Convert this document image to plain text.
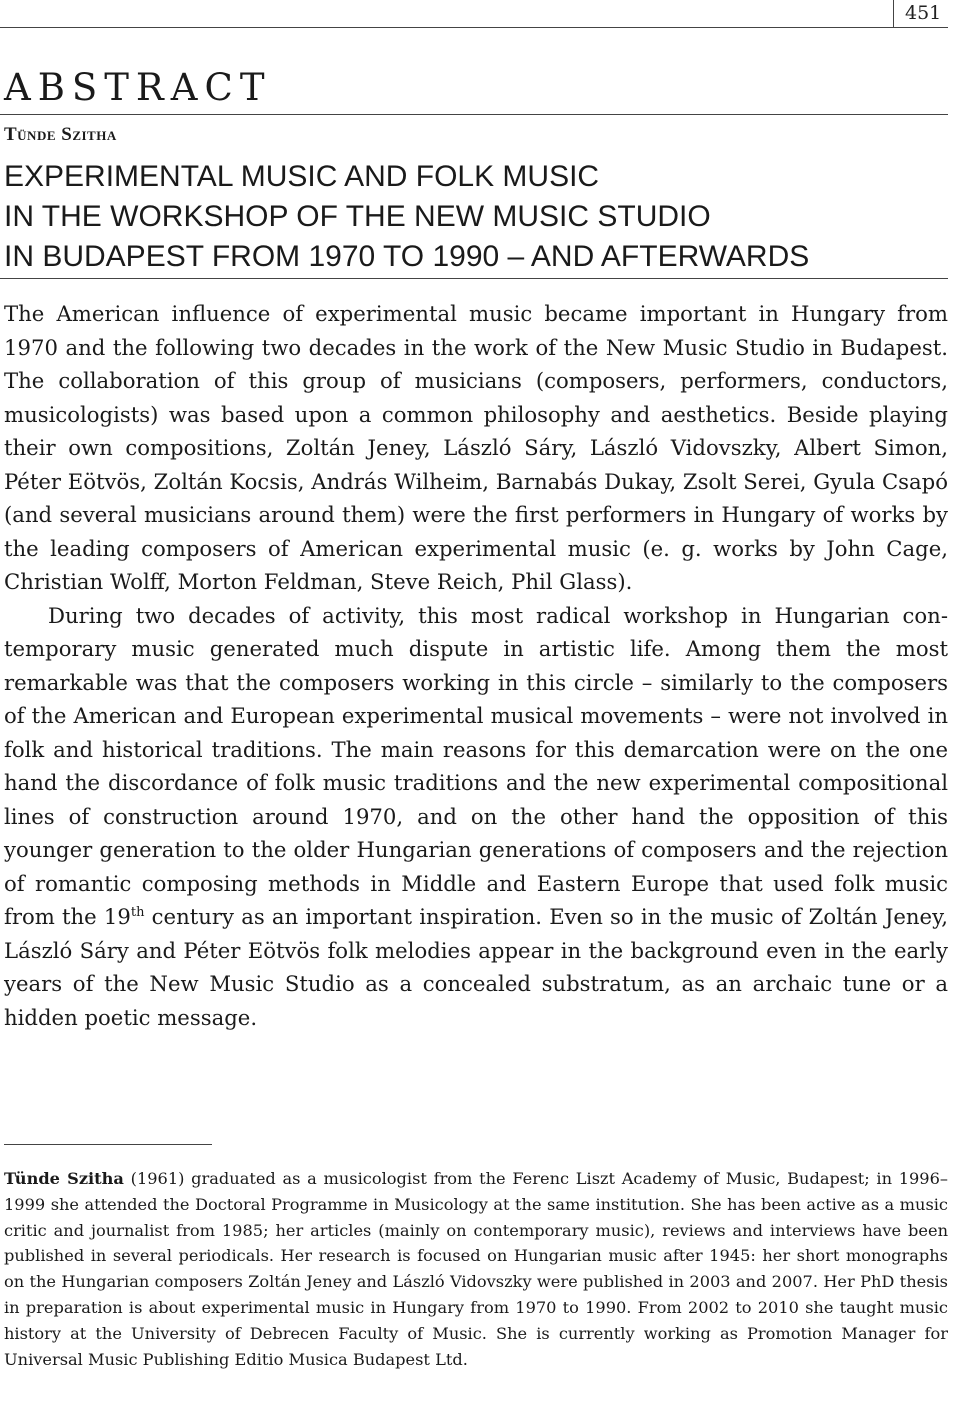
451
ABSTRACT
Tünde Szitha
EXPERIMENTAL MUSIC AND FOLK MUSIC
IN THE WORKSHOP OF THE NEW MUSIC STUDIO
IN BUDAPEST FROM 1970 TO 1990 – AND AFTERWARDS

The American influence of experimental music became important in Hungary from 1970 and the following two decades in the work of the New Music Studio in Budapest. The collaboration of this group of musicians (composers, performers, conductors, musicologists) was based upon a common philosophy and aesthetics. Beside playing their own compositions, Zoltán Jeney, László Sáry, László Vidovszky, Albert Simon, Péter Eötvös, Zoltán Kocsis, András Wilheim, Barnabás Dukay, Zsolt Serei, Gyula Csapó (and several musicians around them) were the first performers in Hungary of works by the leading composers of American experimental music (e. g. works by John Cage, Christian Wolff, Morton Feldman, Steve Reich, Phil Glass).

During two decades of activity, this most radical workshop in Hungarian contemporary music generated much dispute in artistic life. Among them the most remarkable was that the composers working in this circle – similarly to the composers of the American and European experimental musical movements – were not involved in folk and historical traditions. The main reasons for this demarcation were on the one hand the discordance of folk music traditions and the new experimental compositional lines of construction around 1970, and on the other hand the opposition of this younger generation to the older Hungarian generations of composers and the rejection of romantic composing methods in Middle and Eastern Europe that used folk music from the 19th century as an important inspiration. Even so in the music of Zoltán Jeney, László Sáry and Péter Eötvös folk melodies appear in the background even in the early years of the New Music Studio as a concealed substratum, as an archaic tune or a hidden poetic message.

Tünde Szitha (1961) graduated as a musicologist from the Ferenc Liszt Academy of Music, Budapest; in 1996–1999 she attended the Doctoral Programme in Musicology at the same institution. She has been active as a music critic and journalist from 1985; her articles (mainly on contemporary music), reviews and interviews have been published in several periodicals. Her research is focused on Hungarian music after 1945: her short monographs on the Hungarian composers Zoltán Jeney and László Vidovszky were published in 2003 and 2007. Her PhD thesis in preparation is about experimental music in Hungary from 1970 to 1990. From 2002 to 2010 she taught music history at the University of Debrecen Faculty of Music. She is currently working as Promotion Manager for Universal Music Publishing Editio Musica Budapest Ltd.
